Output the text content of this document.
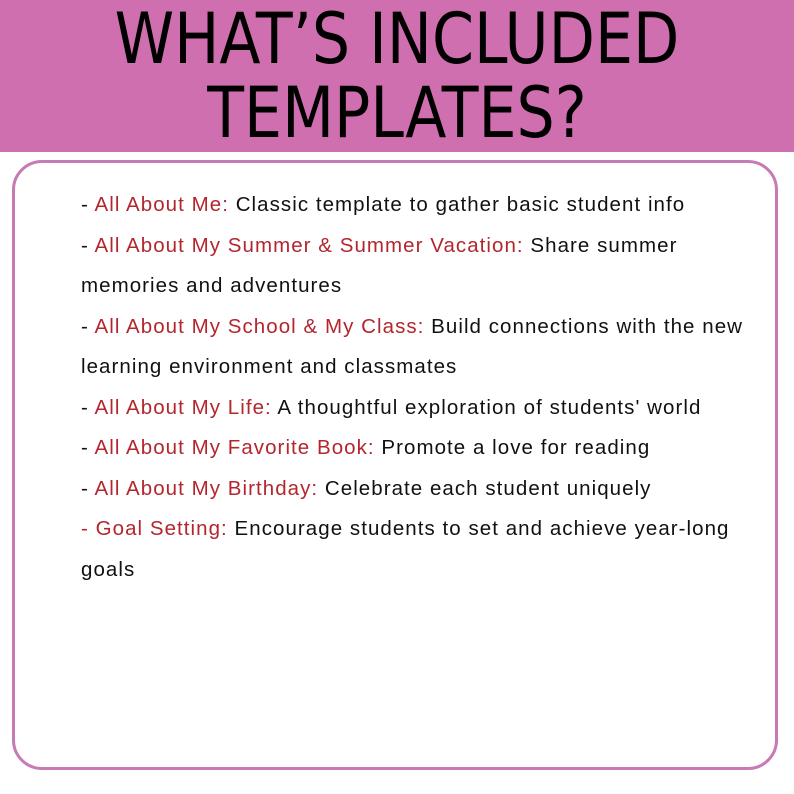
WHAT’S INCLUDED
TEMPLATES?
- All About Me: Classic template to gather basic student info
- All About My Summer & Summer Vacation: Share summer memories and adventures
- All About My School & My Class: Build connections with the new learning environment and classmates
- All About My Life: A thoughtful exploration of students' world
- All About My Favorite Book: Promote a love for reading
- All About My Birthday: Celebrate each student uniquely
- Goal Setting: Encourage students to set and achieve year-long goals
